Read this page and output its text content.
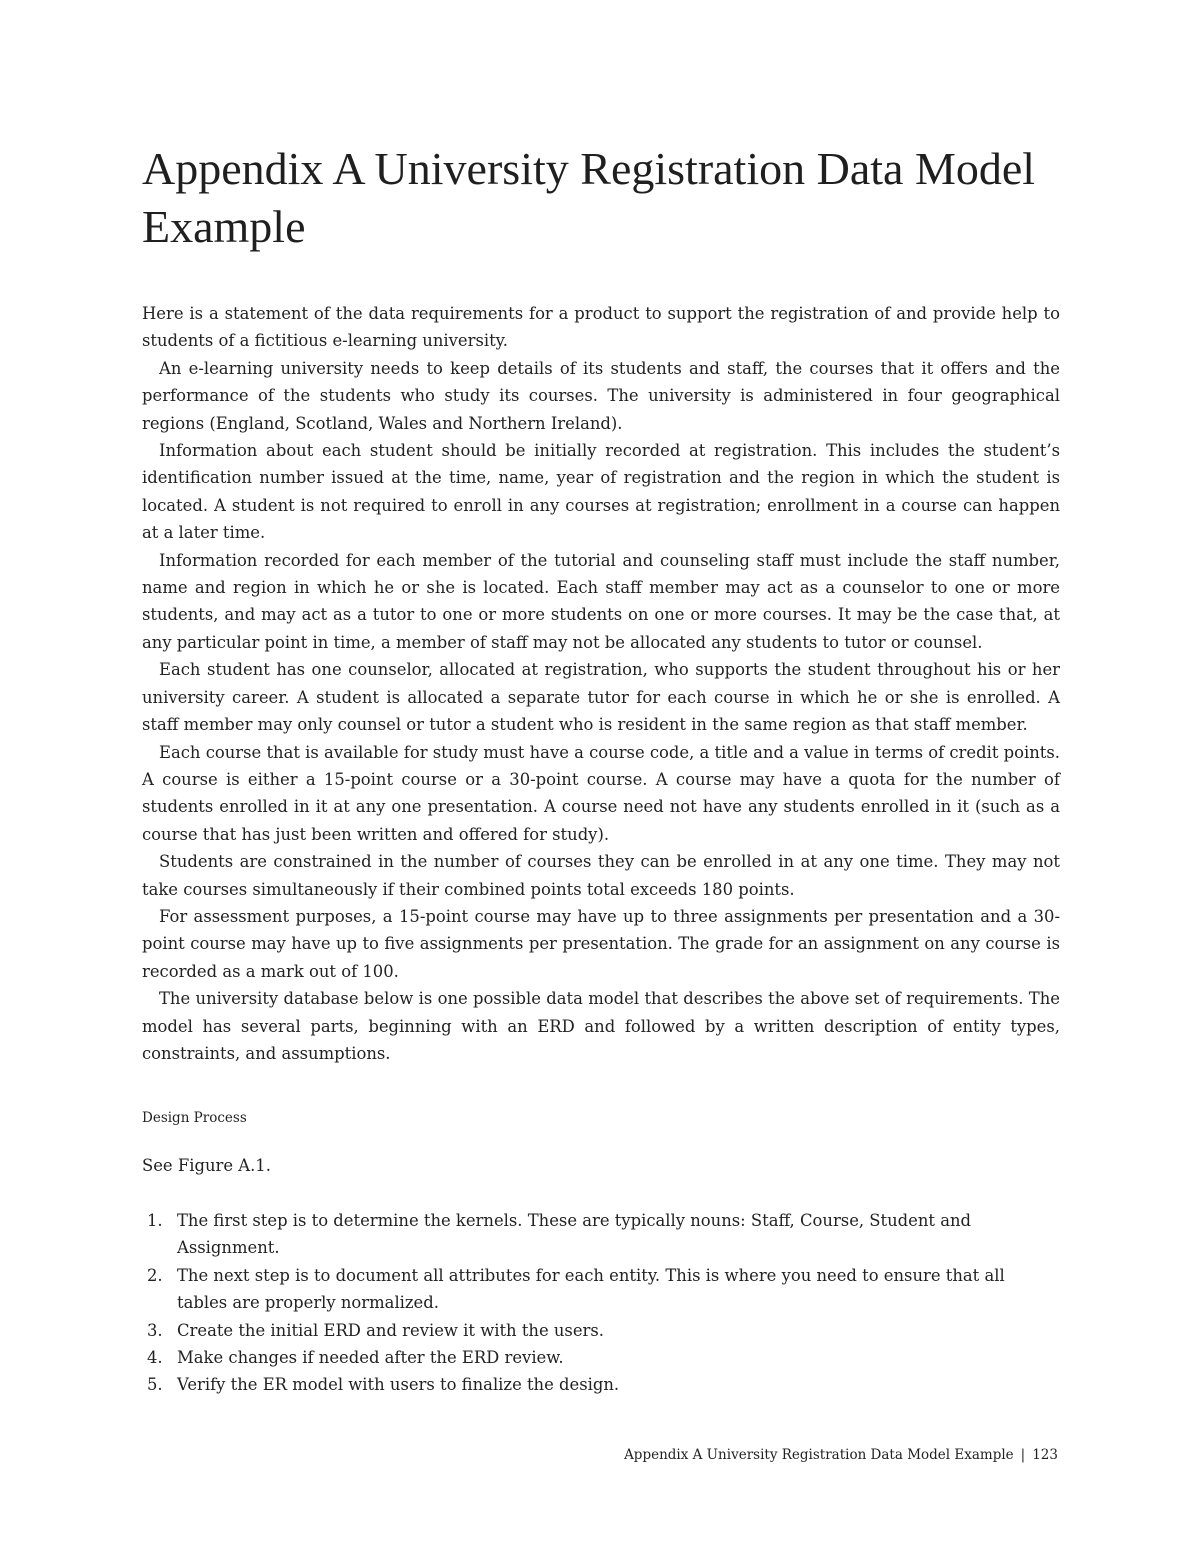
Appendix A University Registration Data Model Example

Here is a statement of the data requirements for a product to support the registration of and provide help to students of a fictitious e-learning university.

An e-learning university needs to keep details of its students and staff, the courses that it offers and the performance of the students who study its courses. The university is administered in four geographical regions (England, Scotland, Wales and Northern Ireland).

Information about each student should be initially recorded at registration. This includes the student’s identification number issued at the time, name, year of registration and the region in which the student is located. A student is not required to enroll in any courses at registration; enrollment in a course can happen at a later time.

Information recorded for each member of the tutorial and counseling staff must include the staff number, name and region in which he or she is located. Each staff member may act as a counselor to one or more students, and may act as a tutor to one or more students on one or more courses. It may be the case that, at any particular point in time, a member of staff may not be allocated any students to tutor or counsel.

Each student has one counselor, allocated at registration, who supports the student throughout his or her university career. A student is allocated a separate tutor for each course in which he or she is enrolled. A staff member may only counsel or tutor a student who is resident in the same region as that staff member.

Each course that is available for study must have a course code, a title and a value in terms of credit points. A course is either a 15-point course or a 30-point course. A course may have a quota for the number of students enrolled in it at any one presentation. A course need not have any students enrolled in it (such as a course that has just been written and offered for study).

Students are constrained in the number of courses they can be enrolled in at any one time. They may not take courses simultaneously if their combined points total exceeds 180 points.

For assessment purposes, a 15-point course may have up to three assignments per presentation and a 30-point course may have up to five assignments per presentation. The grade for an assignment on any course is recorded as a mark out of 100.

The university database below is one possible data model that describes the above set of requirements. The model has several parts, beginning with an ERD and followed by a written description of entity types, constraints, and assumptions.

Design Process

See Figure A.1.

1. The first step is to determine the kernels. These are typically nouns: Staff, Course, Student and Assignment.
2. The next step is to document all attributes for each entity. This is where you need to ensure that all tables are properly normalized.
3. Create the initial ERD and review it with the users.
4. Make changes if needed after the ERD review.
5. Verify the ER model with users to finalize the design.
Appendix A University Registration Data Model Example | 123
